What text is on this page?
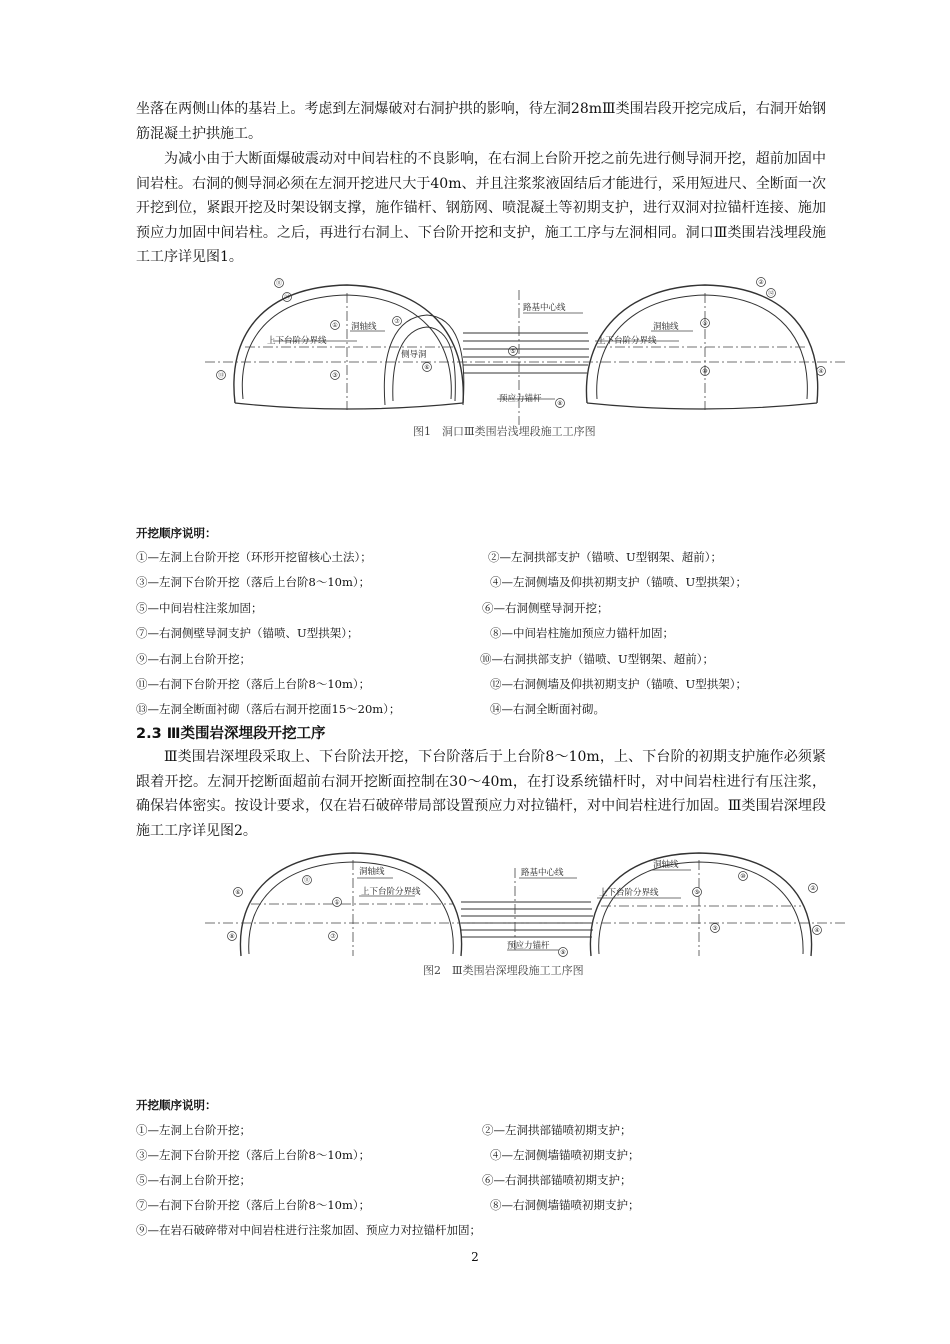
坐落在两侧山体的基岩上。考虑到左洞爆破对右洞护拱的影响，待左洞28mⅢ类围岩段开挖完成后，右洞开始钢筋混凝土护拱施工。

为减小由于大断面爆破震动对中间岩柱的不良影响，在右洞上台阶开挖之前先进行侧导洞开挖，超前加固中间岩柱。右洞的侧导洞必须在左洞开挖进尺大于40m、并且注浆浆液固结后才能进行，采用短进尺、全断面一次开挖到位，紧跟开挖及时架设钢支撑，施作锚杆、钢筋网、喷混凝土等初期支护，进行双洞对拉锚杆连接、施加预应力加固中间岩柱。之后，再进行右洞上、下台阶开挖和支护，施工工序与左洞相同。洞口Ⅲ类围岩浅埋段施工工序详见图1。

路基中心线
洞轴线	洞轴线
上下台阶分界线	上下台阶分界线
侧导洞
预应力锚杆
⑪
⑭
①
⑦
⑬	③
⑥
⑤
②
⑫
⑧
⑨
⑩	④
图1　洞口Ⅲ类围岩浅埋段施工工序图
开挖顺序说明：
①—左洞上台阶开挖（环形开挖留核心土法）；	②—左洞拱部支护（锚喷、U型钢架、超前）；
③—左洞下台阶开挖（落后上台阶8～10m）；	④—左洞侧墙及仰拱初期支护（锚喷、U型拱架）；
⑤—中间岩柱注浆加固；	⑥—右洞侧壁导洞开挖；
⑦—右洞侧壁导洞支护（锚喷、U型拱架）；	⑧—中间岩柱施加预应力锚杆加固；
⑨—右洞上台阶开挖；	⑩—右洞拱部支护（锚喷、U型钢架、超前）；
⑪—右洞下台阶开挖（落后上台阶8～10m）；	⑫—右洞侧墙及仰拱初期支护（锚喷、U型拱架）；
⑬—左洞全断面衬砌（落后右洞开挖面15～20m）；	⑭—右洞全断面衬砌。
2.3 Ⅲ类围岩深埋段开挖工序

Ⅲ类围岩深埋段采取上、下台阶法开挖，下台阶落后于上台阶8～10m，上、下台阶的初期支护施作必须紧跟着开挖。左洞开挖断面超前右洞开挖断面控制在30～40m，在打设系统锚杆时，对中间岩柱进行有压注浆，确保岩体密实。按设计要求，仅在岩石破碎带局部设置预应力对拉锚杆，对中间岩柱进行加固。Ⅲ类围岩深埋段施工工序详见图2。

路基中心线
洞轴线
洞轴线
上下台阶分界线	上下台阶分界线
预应力锚杆
⑥
⑪
①
⑧	⑦
③
⑨
⑩
②
⑤
④
图2　Ⅲ类围岩深埋段施工工序图
开挖顺序说明：
①—左洞上台阶开挖；	②—左洞拱部锚喷初期支护；
③—左洞下台阶开挖（落后上台阶8～10m）；	④—左洞侧墙锚喷初期支护；
⑤—右洞上台阶开挖；	⑥—右洞拱部锚喷初期支护；
⑦—右洞下台阶开挖（落后上台阶8～10m）；	⑧—右洞侧墙锚喷初期支护；
⑨—在岩石破碎带对中间岩柱进行注浆加固、预应力对拉锚杆加固；
2
